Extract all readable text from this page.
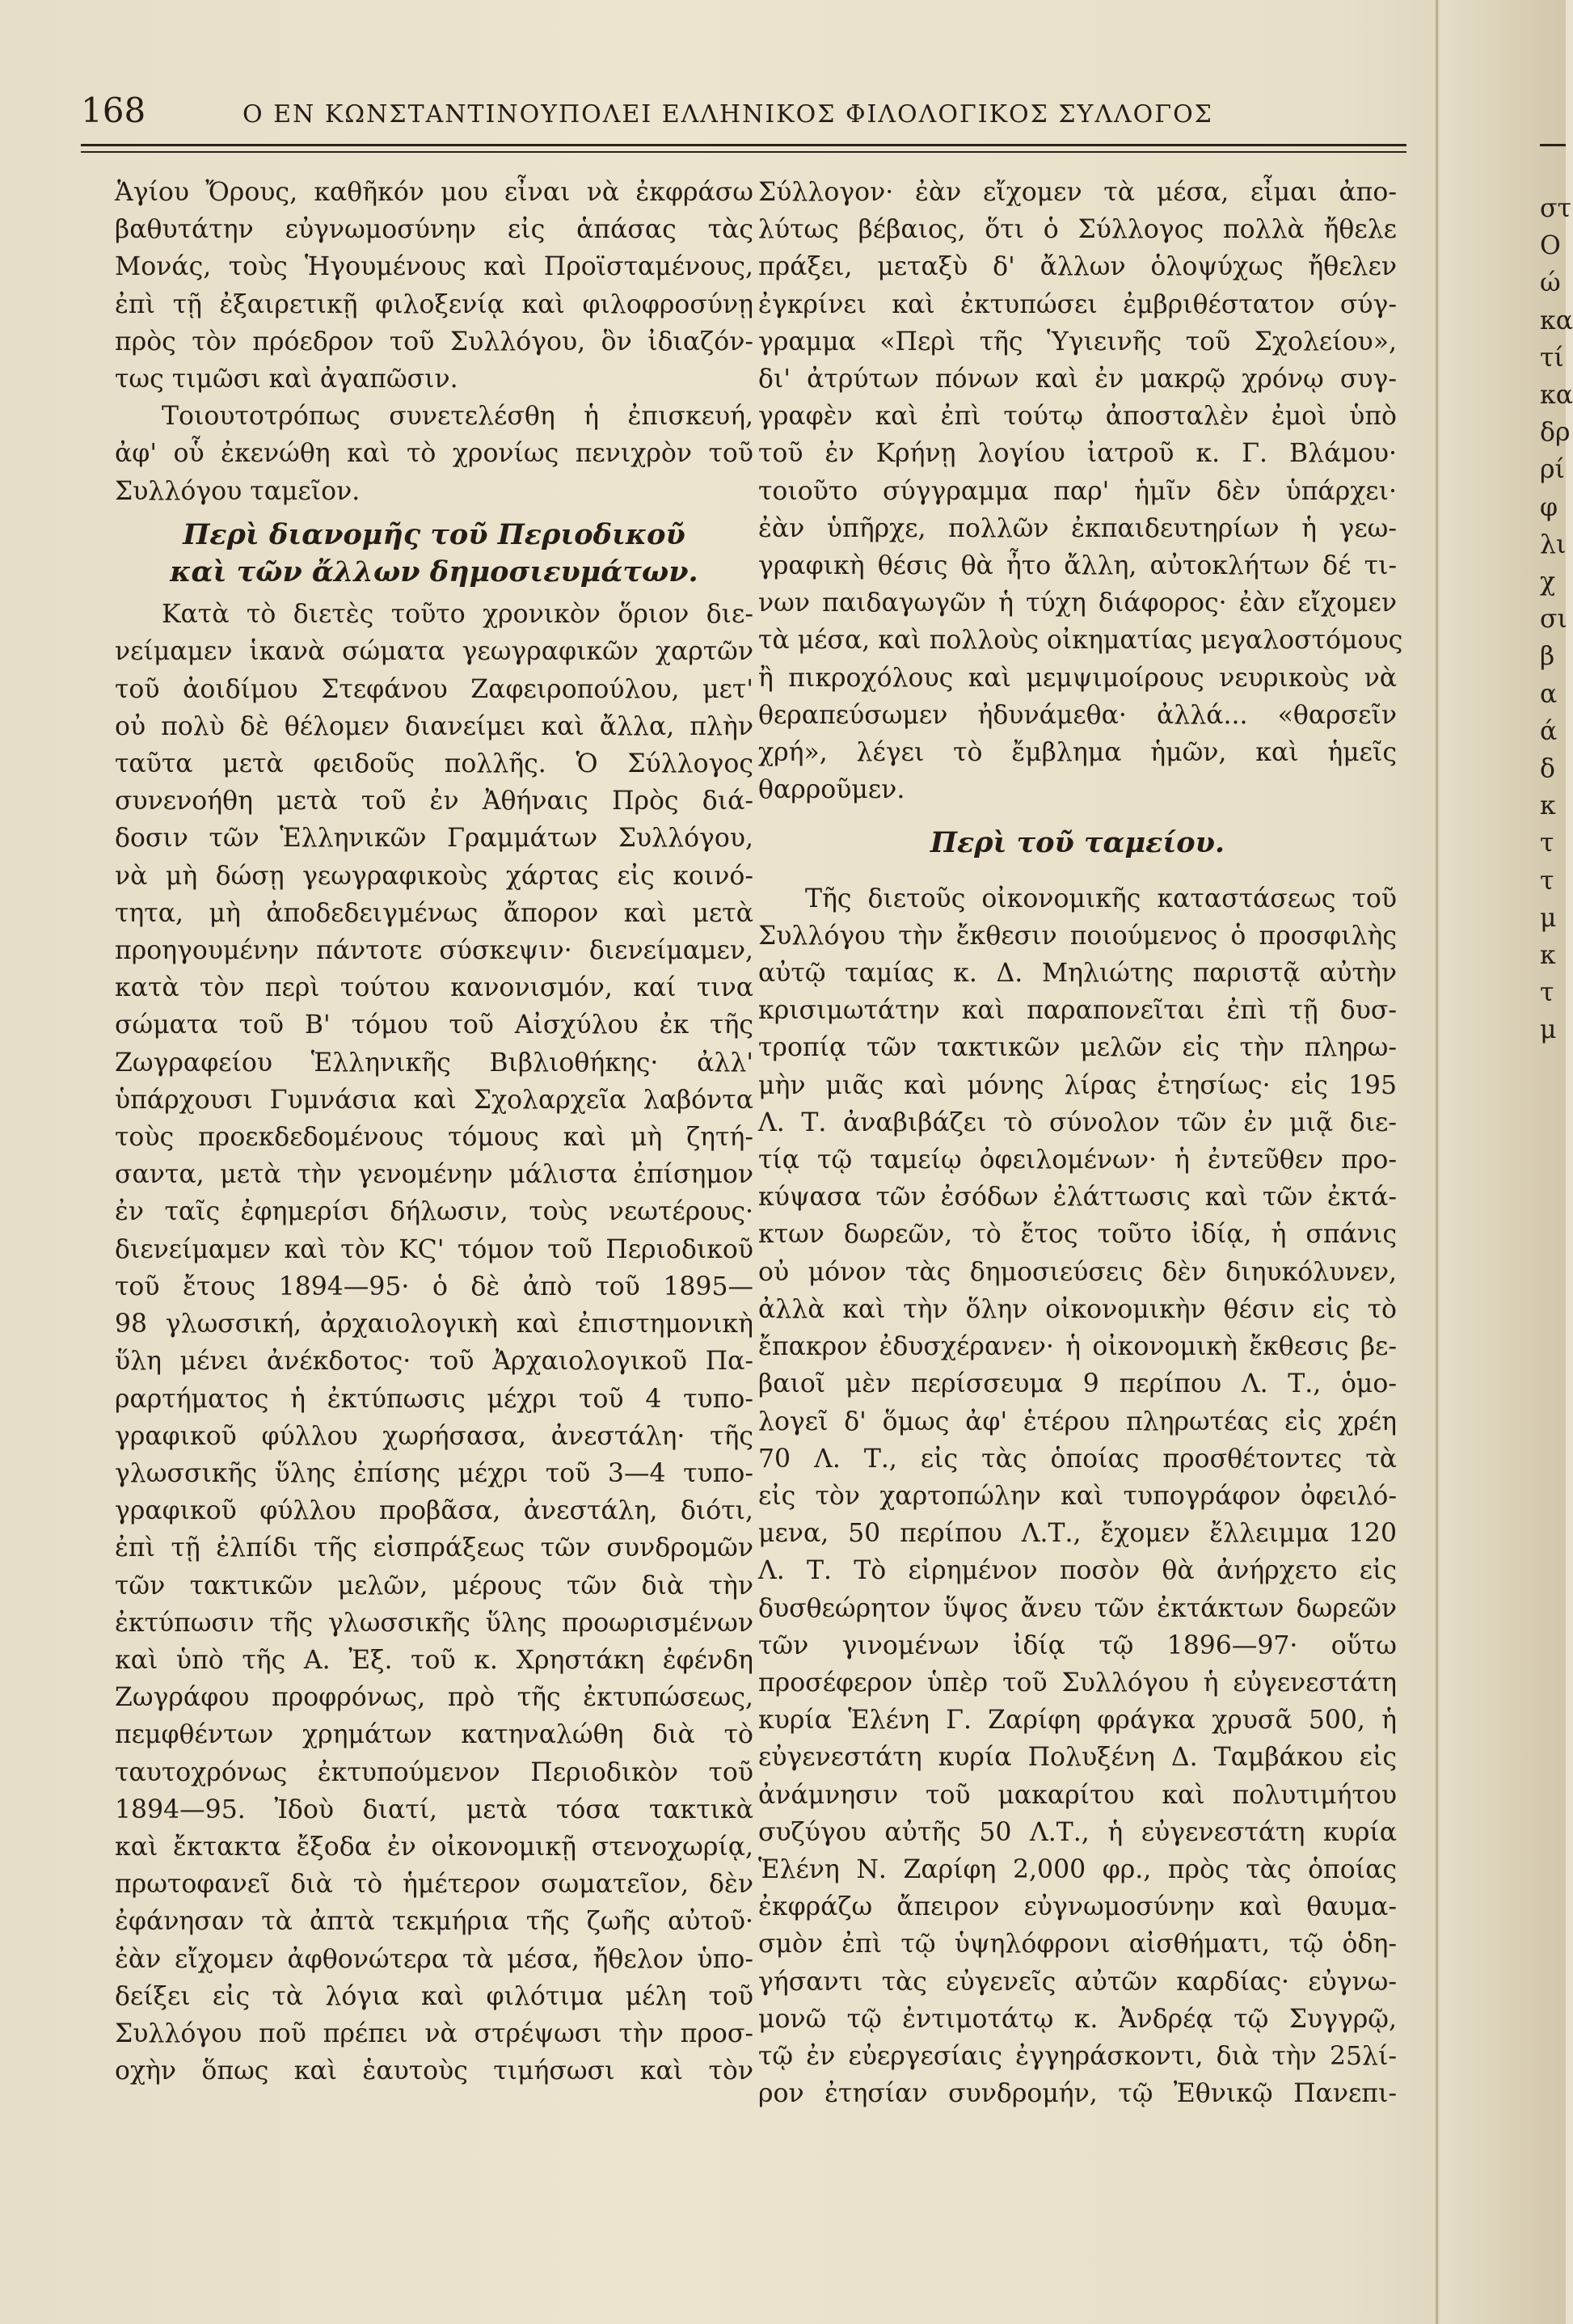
168	Ο ΕΝ ΚΩΝΣΤΑΝΤΙΝΟΥΠΟΛΕΙ ΕΛΛΗΝΙΚΟΣ ΦΙΛΟΛΟΓΙΚΟΣ ΣΥΛΛΟΓΟΣ
Ἁγίου Ὄρους, καθῆκόν μου εἶναι νὰ ἐκφράσω
βαθυτάτην εὐγνωμοσύνην εἰς ἁπάσας τὰς
Μονάς, τοὺς Ἡγουμένους καὶ Προϊσταμένους,
ἐπὶ τῇ ἐξαιρετικῇ φιλοξενίᾳ καὶ φιλοφροσύνῃ
πρὸς τὸν πρόεδρον τοῦ Συλλόγου, ὃν ἰδιαζόν-
τως τιμῶσι καὶ ἀγαπῶσιν.
Τοιουτοτρόπως συνετελέσθη ἡ ἐπισκευή,
ἀφ' οὗ ἐκενώθη καὶ τὸ χρονίως πενιχρὸν τοῦ
Συλλόγου ταμεῖον.
Περὶ διανομῆς τοῦ Περιοδικοῦ
καὶ τῶν ἄλλων δημοσιευμάτων.
Κατὰ τὸ διετὲς τοῦτο χρονικὸν ὅριον διε-
νείμαμεν ἱκανὰ σώματα γεωγραφικῶν χαρτῶν
τοῦ ἀοιδίμου Στεφάνου Ζαφειροπούλου, μετ'
οὐ πολὺ δὲ θέλομεν διανείμει καὶ ἄλλα, πλὴν
ταῦτα μετὰ φειδοῦς πολλῆς. Ὁ Σύλλογος
συνενοήθη μετὰ τοῦ ἐν Ἀθήναις Πρὸς διά-
δοσιν τῶν Ἑλληνικῶν Γραμμάτων Συλλόγου,
νὰ μὴ δώσῃ γεωγραφικοὺς χάρτας εἰς κοινό-
τητα, μὴ ἀποδεδειγμένως ἄπορον καὶ μετὰ
προηγουμένην πάντοτε σύσκεψιν· διενείμαμεν,
κατὰ τὸν περὶ τούτου κανονισμόν, καί τινα
σώματα τοῦ Β' τόμου τοῦ Αἰσχύλου ἐκ τῆς
Ζωγραφείου Ἑλληνικῆς Βιβλιοθήκης· ἀλλ'
ὑπάρχουσι Γυμνάσια καὶ Σχολαρχεῖα λαβόντα
τοὺς προεκδεδομένους τόμους καὶ μὴ ζητή-
σαντα, μετὰ τὴν γενομένην μάλιστα ἐπίσημον
ἐν ταῖς ἐφημερίσι δήλωσιν, τοὺς νεωτέρους·
διενείμαμεν καὶ τὸν ΚϚ' τόμον τοῦ Περιοδικοῦ
τοῦ ἔτους 1894—95· ὁ δὲ ἀπὸ τοῦ 1895—
98 γλωσσική, ἀρχαιολογικὴ καὶ ἐπιστημονικὴ
ὕλη μένει ἀνέκδοτος· τοῦ Ἀρχαιολογικοῦ Πα-
ραρτήματος ἡ ἐκτύπωσις μέχρι τοῦ 4 τυπο-
γραφικοῦ φύλλου χωρήσασα, ἀνεστάλη· τῆς
γλωσσικῆς ὕλης ἐπίσης μέχρι τοῦ 3—4 τυπο-
γραφικοῦ φύλλου προβᾶσα, ἀνεστάλη, διότι,
ἐπὶ τῇ ἐλπίδι τῆς εἰσπράξεως τῶν συνδρομῶν
τῶν τακτικῶν μελῶν, μέρους τῶν διὰ τὴν
ἐκτύπωσιν τῆς γλωσσικῆς ὕλης προωρισμένων
καὶ ὑπὸ τῆς Α. Ἐξ. τοῦ κ. Χρηστάκη ἐφένδη
Ζωγράφου προφρόνως, πρὸ τῆς ἐκτυπώσεως,
πεμφθέντων χρημάτων κατηναλώθη διὰ τὸ
ταυτοχρόνως ἐκτυπούμενον Περιοδικὸν τοῦ
1894—95. Ἰδοὺ διατί, μετὰ τόσα τακτικὰ
καὶ ἔκτακτα ἔξοδα ἐν οἰκονομικῇ στενοχωρίᾳ,
πρωτοφανεῖ διὰ τὸ ἡμέτερον σωματεῖον, δὲν
ἐφάνησαν τὰ ἀπτὰ τεκμήρια τῆς ζωῆς αὐτοῦ·
ἐὰν εἴχομεν ἀφθονώτερα τὰ μέσα, ἤθελον ὑπο-
δείξει εἰς τὰ λόγια καὶ φιλότιμα μέλη τοῦ
Συλλόγου ποῦ πρέπει νὰ στρέψωσι τὴν προσ-
οχὴν ὅπως καὶ ἑαυτοὺς τιμήσωσι καὶ τὸν
Σύλλογον· ἐὰν εἴχομεν τὰ μέσα, εἶμαι ἀπο-
λύτως βέβαιος, ὅτι ὁ Σύλλογος πολλὰ ἤθελε
πράξει, μεταξὺ δ' ἄλλων ὁλοψύχως ἤθελεν
ἐγκρίνει καὶ ἐκτυπώσει ἐμβριθέστατον σύγ-
γραμμα «Περὶ τῆς Ὑγιεινῆς τοῦ Σχολείου»,
δι' ἀτρύτων πόνων καὶ ἐν μακρῷ χρόνῳ συγ-
γραφὲν καὶ ἐπὶ τούτῳ ἀποσταλὲν ἐμοὶ ὑπὸ
τοῦ ἐν Κρήνῃ λογίου ἰατροῦ κ. Γ. Βλάμου·
τοιοῦτο σύγγραμμα παρ' ἡμῖν δὲν ὑπάρχει·
ἐὰν ὑπῆρχε, πολλῶν ἐκπαιδευτηρίων ἡ γεω-
γραφικὴ θέσις θὰ ἦτο ἄλλη, αὐτοκλήτων δέ τι-
νων παιδαγωγῶν ἡ τύχη διάφορος· ἐὰν εἴχομεν
τὰ μέσα, καὶ πολλοὺς οἰκηματίας μεγαλοστόμους
ἢ πικροχόλους καὶ μεμψιμοίρους νευρικοὺς νὰ
θεραπεύσωμεν ἠδυνάμεθα· ἀλλά... «θαρσεῖν
χρή», λέγει τὸ ἔμβλημα ἡμῶν, καὶ ἡμεῖς
θαρροῦμεν.
Περὶ τοῦ ταμείου.
Τῆς διετοῦς οἰκονομικῆς καταστάσεως τοῦ
Συλλόγου τὴν ἔκθεσιν ποιούμενος ὁ προσφιλὴς
αὐτῷ ταμίας κ. Δ. Μηλιώτης παριστᾷ αὐτὴν
κρισιμωτάτην καὶ παραπονεῖται ἐπὶ τῇ δυσ-
τροπίᾳ τῶν τακτικῶν μελῶν εἰς τὴν πληρω-
μὴν μιᾶς καὶ μόνης λίρας ἐτησίως· εἰς 195
Λ. Τ. ἀναβιβάζει τὸ σύνολον τῶν ἐν μιᾷ διε-
τίᾳ τῷ ταμείῳ ὀφειλομένων· ἡ ἐντεῦθεν προ-
κύψασα τῶν ἐσόδων ἐλάττωσις καὶ τῶν ἐκτά-
κτων δωρεῶν, τὸ ἔτος τοῦτο ἰδίᾳ, ἡ σπάνις
οὐ μόνον τὰς δημοσιεύσεις δὲν διηυκόλυνεν,
ἀλλὰ καὶ τὴν ὅλην οἰκονομικὴν θέσιν εἰς τὸ
ἔπακρον ἐδυσχέρανεν· ἡ οἰκονομικὴ ἔκθεσις βε-
βαιοῖ μὲν περίσσευμα 9 περίπου Λ. Τ., ὁμο-
λογεῖ δ' ὅμως ἀφ' ἑτέρου πληρωτέας εἰς χρέη
70 Λ. Τ., εἰς τὰς ὁποίας προσθέτοντες τὰ
εἰς τὸν χαρτοπώλην καὶ τυπογράφον ὀφειλό-
μενα, 50 περίπου Λ.Τ., ἔχομεν ἔλλειμμα 120
Λ. Τ. Τὸ εἰρημένον ποσὸν θὰ ἀνήρχετο εἰς
δυσθεώρητον ὕψος ἄνευ τῶν ἐκτάκτων δωρεῶν
τῶν γινομένων ἰδίᾳ τῷ 1896—97· οὕτω
προσέφερον ὑπὲρ τοῦ Συλλόγου ἡ εὐγενεστάτη
κυρία Ἑλένη Γ. Ζαρίφη φράγκα χρυσᾶ 500, ἡ
εὐγενεστάτη κυρία Πολυξένη Δ. Ταμβάκου εἰς
ἀνάμνησιν τοῦ μακαρίτου καὶ πολυτιμήτου
συζύγου αὐτῆς 50 Λ.Τ., ἡ εὐγενεστάτη κυρία
Ἑλένη Ν. Ζαρίφη 2,000 φρ., πρὸς τὰς ὁποίας
ἐκφράζω ἄπειρον εὐγνωμοσύνην καὶ θαυμα-
σμὸν ἐπὶ τῷ ὑψηλόφρονι αἰσθήματι, τῷ ὁδη-
γήσαντι τὰς εὐγενεῖς αὐτῶν καρδίας· εὐγνω-
μονῶ τῷ ἐντιμοτάτῳ κ. Ἀνδρέᾳ τῷ Συγγρῷ,
τῷ ἐν εὐεργεσίαις ἐγγηράσκοντι, διὰ τὴν 25λί-
ρον ἐτησίαν συνδρομήν, τῷ Ἐθνικῷ Πανεπι-
στ
Ο
ώ
κα
τί
κα
δρ
ρί
φ
λι
χ
σι
β
α
ά
δ
κ
τ
τ
μ
κ
τ
μ
